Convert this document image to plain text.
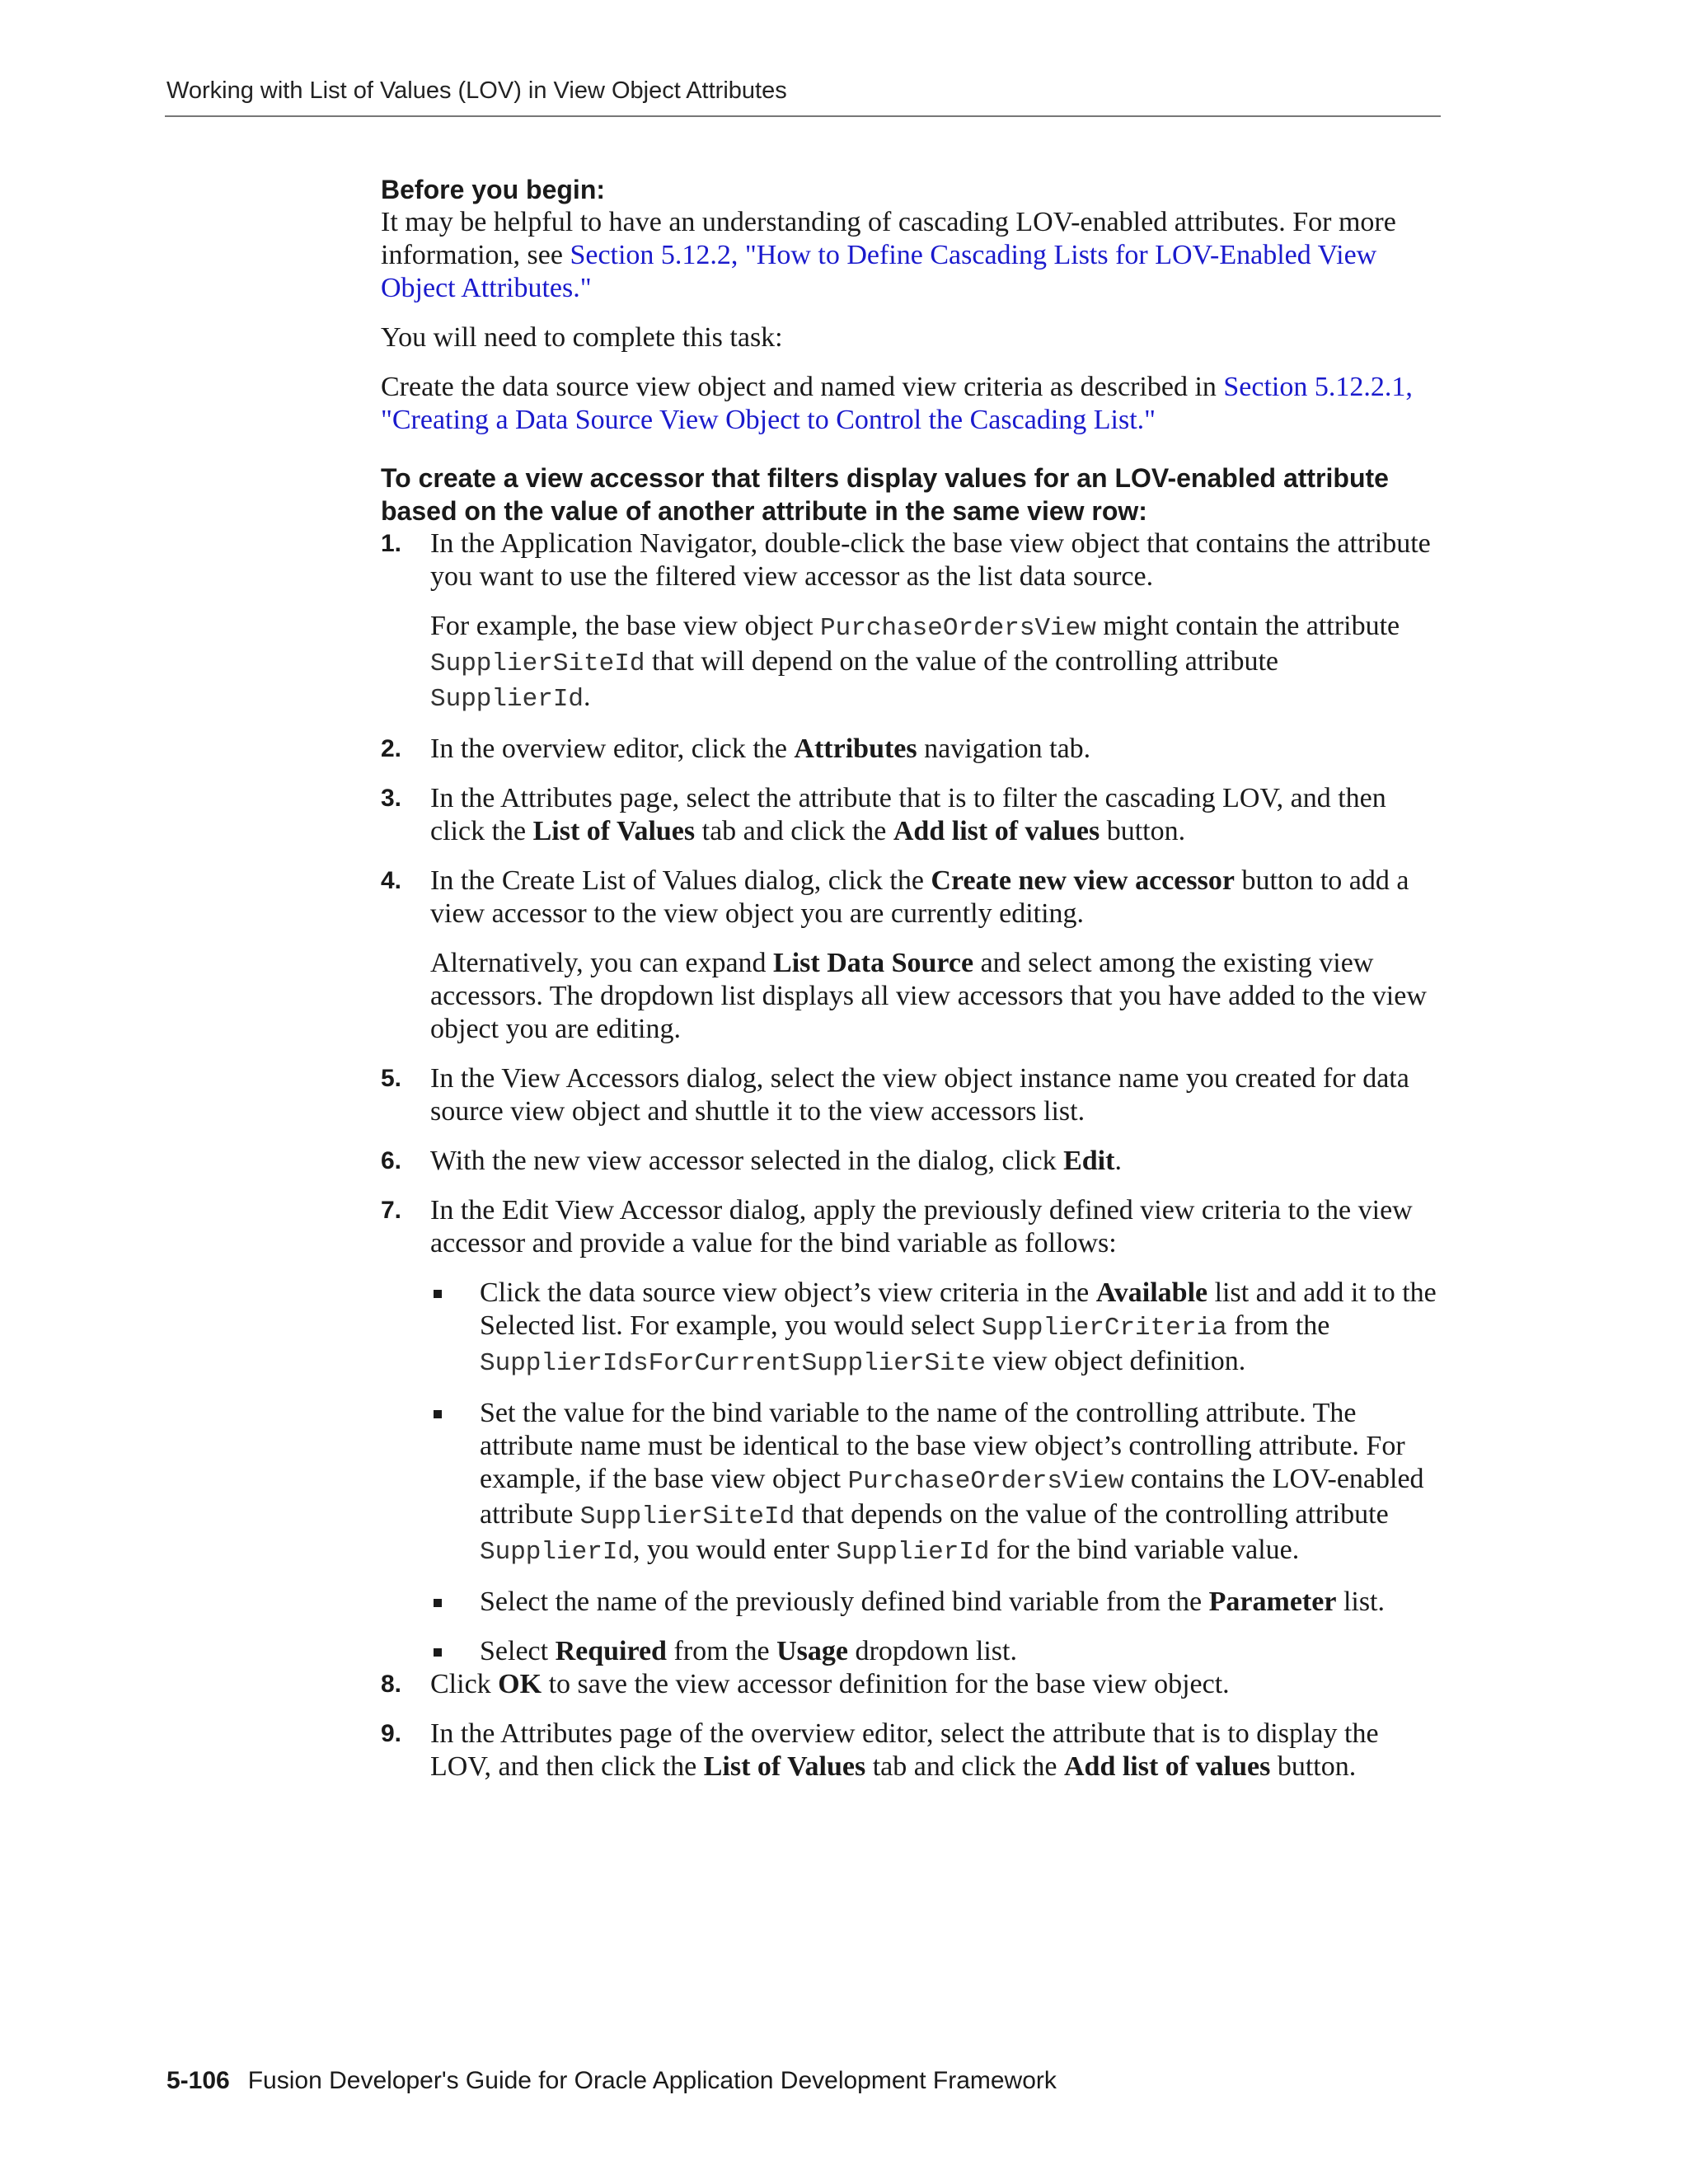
Working with List of Values (LOV) in View Object Attributes

Before you begin:

It may be helpful to have an understanding of cascading LOV-enabled attributes. For more information, see Section 5.12.2, "How to Define Cascading Lists for LOV-Enabled View Object Attributes."

You will need to complete this task:

Create the data source view object and named view criteria as described in Section 5.12.2.1, "Creating a Data Source View Object to Control the Cascading List."

To create a view accessor that filters display values for an LOV-enabled attribute based on the value of another attribute in the same view row:

1. In the Application Navigator, double-click the base view object that contains the attribute you want to use the filtered view accessor as the list data source.

For example, the base view object PurchaseOrdersView might contain the attribute SupplierSiteId that will depend on the value of the controlling attribute SupplierId.

2. In the overview editor, click the Attributes navigation tab.

3. In the Attributes page, select the attribute that is to filter the cascading LOV, and then click the List of Values tab and click the Add list of values button.

4. In the Create List of Values dialog, click the Create new view accessor button to add a view accessor to the view object you are currently editing.

Alternatively, you can expand List Data Source and select among the existing view accessors. The dropdown list displays all view accessors that you have added to the view object you are editing.

5. In the View Accessors dialog, select the view object instance name you created for data source view object and shuttle it to the view accessors list.

6. With the new view accessor selected in the dialog, click Edit.

7. In the Edit View Accessor dialog, apply the previously defined view criteria to the view accessor and provide a value for the bind variable as follows:

Click the data source view object’s view criteria in the Available list and add it to the Selected list. For example, you would select SupplierCriteria from the SupplierIdsForCurrentSupplierSite view object definition.

Set the value for the bind variable to the name of the controlling attribute. The attribute name must be identical to the base view object’s controlling attribute. For example, if the base view object PurchaseOrdersView contains the LOV-enabled attribute SupplierSiteId that depends on the value of the controlling attribute SupplierId, you would enter SupplierId for the bind variable value.

Select the name of the previously defined bind variable from the Parameter list.

Select Required from the Usage dropdown list.

8. Click OK to save the view accessor definition for the base view object.

9. In the Attributes page of the overview editor, select the attribute that is to display the LOV, and then click the List of Values tab and click the Add list of values button.

5-106 Fusion Developer's Guide for Oracle Application Development Framework
